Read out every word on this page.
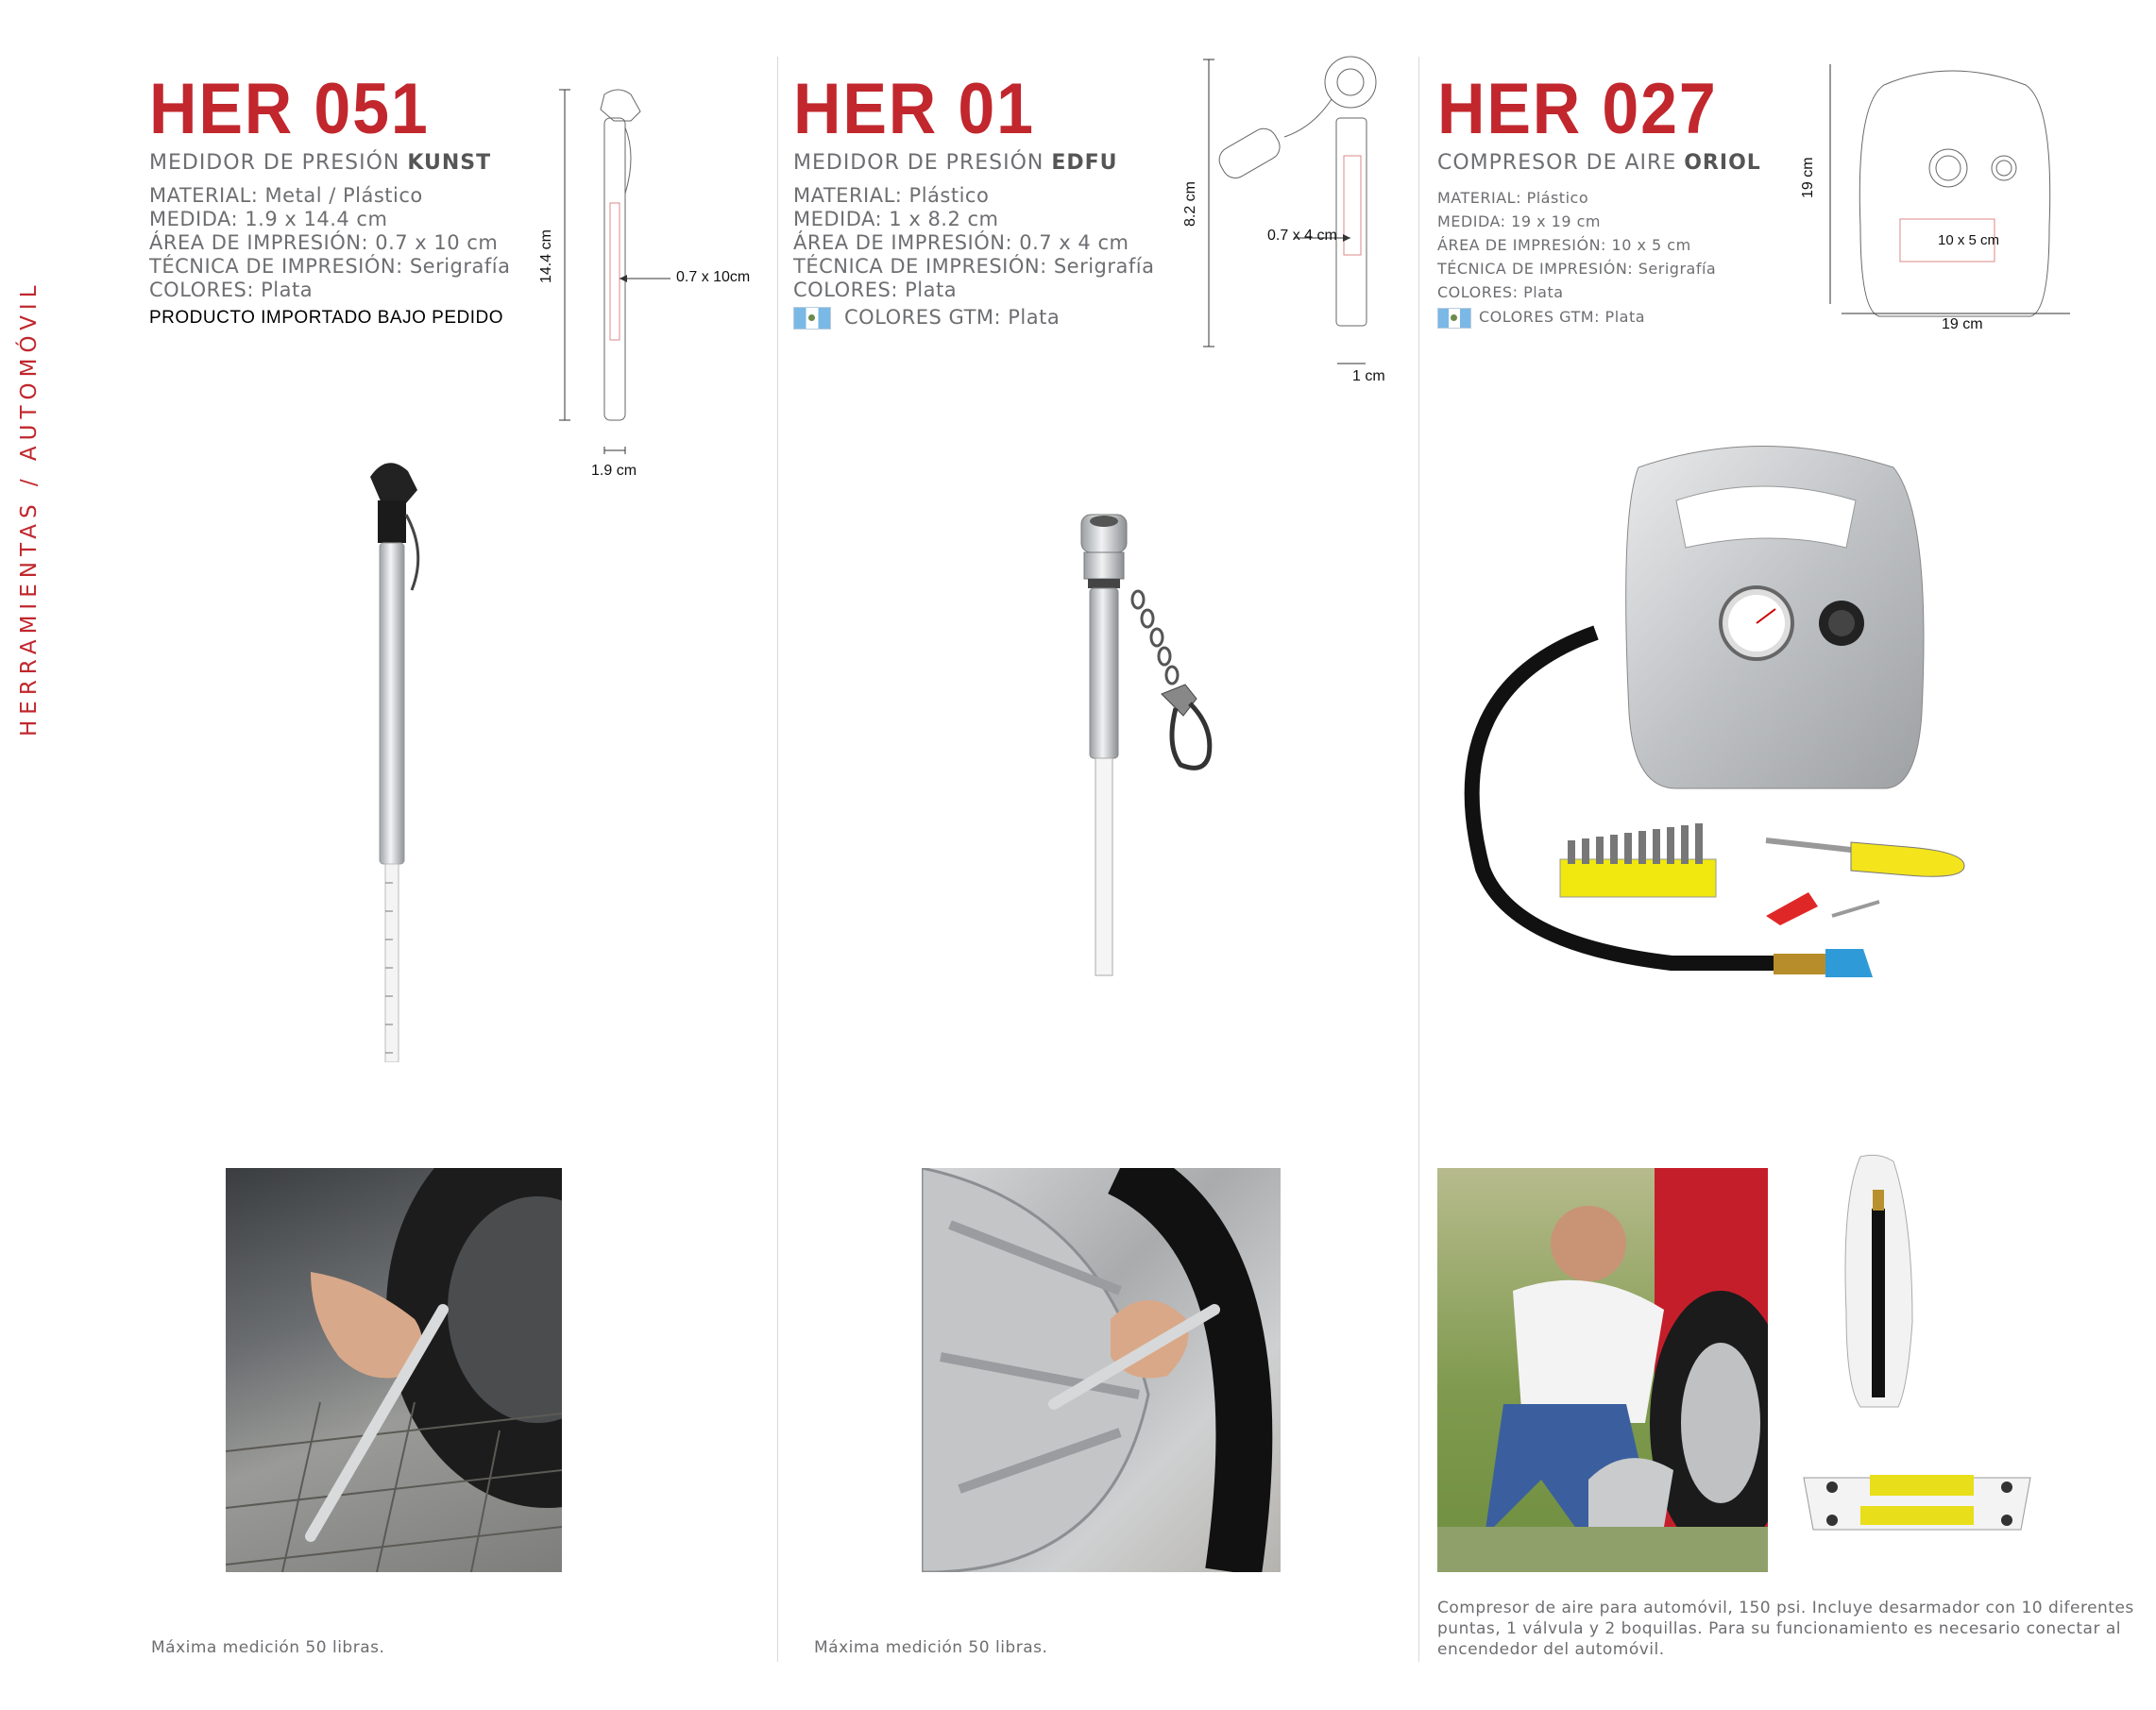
HERRAMIENTAS / AUTOMÓVIL
HER 051
MEDIDOR DE PRESIÓN KUNST
MATERIAL: Metal / Plástico
MEDIDA: 1.9 x 14.4 cm
ÁREA DE IMPRESIÓN: 0.7 x 10 cm
TÉCNICA DE IMPRESIÓN: Serigrafía
COLORES: Plata
PRODUCTO IMPORTADO BAJO PEDIDO
14.4 cm	0.7 x 10cm
1.9 cm
Máxima medición 50 libras.
HER 01
MEDIDOR DE PRESIÓN EDFU
MATERIAL: Plástico
MEDIDA: 1 x 8.2 cm
ÁREA DE IMPRESIÓN: 0.7 x 4 cm
TÉCNICA DE IMPRESIÓN: Serigrafía
COLORES: Plata
COLORES GTM: Plata
8.2 cm
0.7 x 4 cm
1 cm
Máxima medición 50 libras.
HER 027
COMPRESOR DE AIRE ORIOL
MATERIAL: Plástico
MEDIDA: 19 x 19 cm
ÁREA DE IMPRESIÓN: 10 x 5 cm
TÉCNICA DE IMPRESIÓN: Serigrafía
COLORES: Plata
COLORES GTM: Plata
19 cm
10 x 5 cm
19 cm
Compresor de aire para automóvil, 150 psi. Incluye desarmador con 10 diferentes puntas, 1 válvula y 2 boquillas. Para su funcionamiento es necesario conectar al encendedor del automóvil.
